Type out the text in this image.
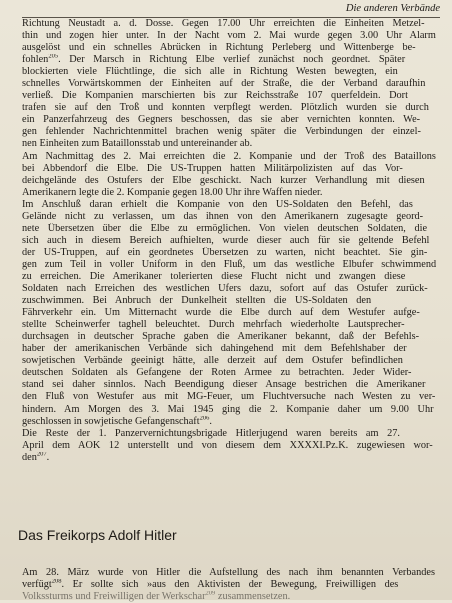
Die anderen Verbände
Richtung Neustadt a. d. Dosse. Gegen 17.00 Uhr erreichten die Einheiten Metzel-
thin und zogen hier unter. In der Nacht vom 2. Mai wurde gegen 3.00 Uhr Alarm
ausgelöst und ein schnelles Abrücken in Richtung Perleberg und Wittenberge be-
fohlen$^{205}$. Der Marsch in Richtung Elbe verlief zunächst noch geordnet. Später
blockierten viele Flüchtlinge, die sich alle in Richtung Westen bewegten, ein
schnelles Vorwärtskommen der Einheiten auf der Straße, die der Verband daraufhin
verließ. Die Kompanien marschierten bis zur Reichsstraße 107 querfeldein. Dort
trafen sie auf den Troß und konnten verpflegt werden. Plötzlich wurden sie durch
ein Panzerfahrzeug des Gegners beschossen, das sie aber vernichten konnten. We-
gen fehlender Nachrichtenmittel brachen wenig später die Verbindungen der einzel-
nen Einheiten zum Bataillonsstab und untereinander ab.
Am Nachmittag des 2. Mai erreichten die 2. Kompanie und der Troß des Bataillons
bei Abbendorf die Elbe. Die US-Truppen hatten Militärpolizisten auf das Vor-
deichgelände des Ostufers der Elbe geschickt. Nach kurzer Verhandlung mit diesen
Amerikanern legte die 2. Kompanie gegen 18.00 Uhr ihre Waffen nieder.
Im Anschluß daran erhielt die Kompanie von den US-Soldaten den Befehl, das
Gelände nicht zu verlassen, um das ihnen von den Amerikanern zugesagte geord-
nete Übersetzen über die Elbe zu ermöglichen. Von vielen deutschen Soldaten, die
sich auch in diesem Bereich aufhielten, wurde dieser auch für sie geltende Befehl
der US-Truppen, auf ein geordnetes Übersetzen zu warten, nicht beachtet. Sie gin-
gen zum Teil in voller Uniform in den Fluß, um das westliche Elbufer schwimmend
zu erreichen. Die Amerikaner tolerierten diese Flucht nicht und zwangen diese
Soldaten nach Erreichen des westlichen Ufers dazu, sofort auf das Ostufer zurück-
zuschwimmen. Bei Anbruch der Dunkelheit stellten die US-Soldaten den
Fährverkehr ein. Um Mitternacht wurde die Elbe durch auf dem Westufer aufge-
stellte Scheinwerfer taghell beleuchtet. Durch mehrfach wiederholte Lautsprecher-
durchsagen in deutscher Sprache gaben die Amerikaner bekannt, daß der Befehls-
haber der amerikanischen Verbände sich dahingehend mit dem Befehlshaber der
sowjetischen Verbände geeinigt hätte, alle derzeit auf dem Ostufer befindlichen
deutschen Soldaten als Gefangene der Roten Armee zu betrachten. Jeder Wider-
stand sei daher sinnlos. Nach Beendigung dieser Ansage bestrichen die Amerikaner
den Fluß von Westufer aus mit MG-Feuer, um Fluchtversuche nach Westen zu ver-
hindern. Am Morgen des 3. Mai 1945 ging die 2. Kompanie daher um 9.00 Uhr
geschlossen in sowjetische Gefangenschaft$^{206}$.
Die Reste der 1. Panzervernichtungsbrigade Hitlerjugend waren bereits am 27.
April dem AOK 12 unterstellt und von diesem dem XXXXI.Pz.K. zugewiesen wor-
den$^{207}$.
Das Freikorps Adolf Hitler
Am 28. März wurde von Hitler die Aufstellung des nach ihm benannten Verbandes
verfügt$^{208}$. Er sollte sich »aus den Aktivisten der Bewegung, Freiwilligen des
Volkssturms und Freiwilligen der Werkschar$^{209}$ zusammensetzen.
